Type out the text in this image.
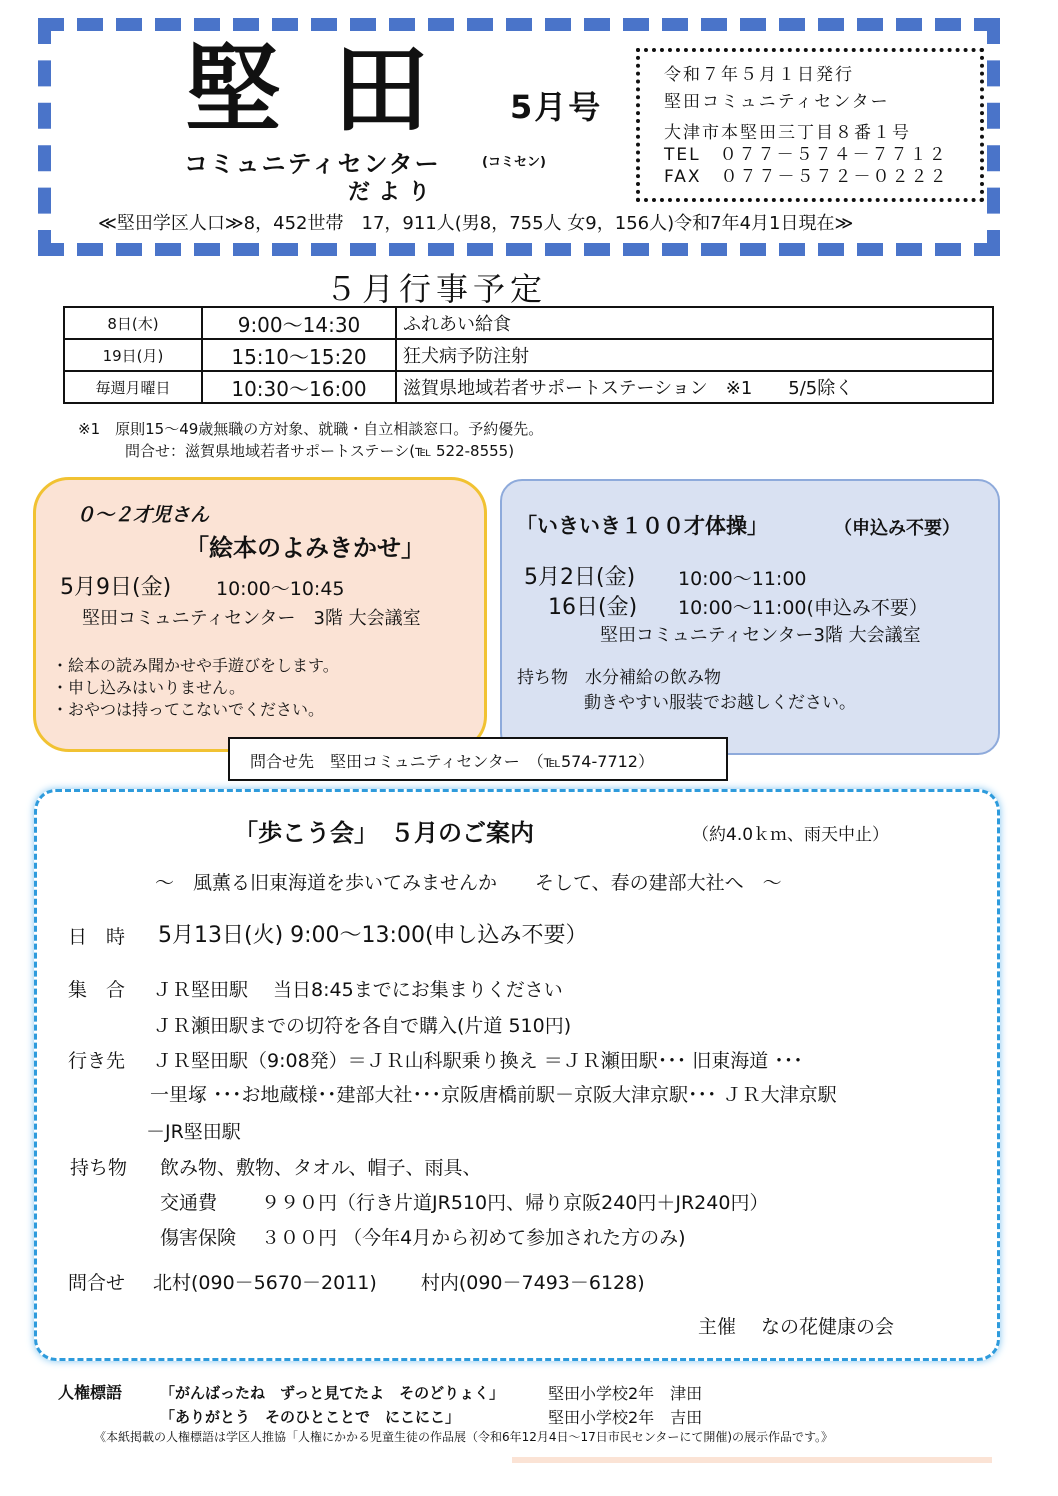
堅田 5月号
コミュニティセンター	(コミセン)
だより
≪堅田学区人口≫8，452世帯　17，911人(男8，755人 女9，156人)令和7年4月1日現在≫
令和７年５月１日発行
堅田コミュニティセンター
大津市本堅田三丁目８番１号
TEL　０７７－５７４－７７１２
FAX　０７７－５７２－０２２２
５月行事予定
8日(木)	9:00～14:30	ふれあい給食
19日(月)	15:10～15:20	狂犬病予防注射
毎週月曜日	10:30～16:00	滋賀県地域若者サポートステーション　※1　　5/5除く
※1　原則15～49歳無職の方対象、就職・自立相談窓口。予約優先。
問合せ：滋賀県地域若者サポートステーシ(℡ 522-8555)
０～２才児さん
「絵本のよみきかせ」
5月9日(金) 10:00～10:45
堅田コミュニティセンター　3階 大会議室
・絵本の読み聞かせや手遊びをします。
・申し込みはいりません。
・おやつは持ってこないでください。
「いきいき１００才体操」	（申込み不要）
5月2日(金) 10:00～11:00
16日(金) 10:00～11:00(申込み不要）
堅田コミュニティセンター3階 大会議室
持ち物　水分補給の飲み物
動きやすい服装でお越しください。
問合せ先　堅田コミュニティセンター　（℡574-7712）
「歩こう会」　５月のご案内	（約4.0ｋｍ、雨天中止）
～　風薫る旧東海道を歩いてみませんか　　そして、春の建部大社へ　～
日　時 5月13日(火) 9:00～13:00(申し込み不要）
集　合 ＪＲ堅田駅　 当日8:45までにお集まりください
ＪＲ瀬田駅までの切符を各自で購入(片道 510円)
行き先 ＪＲ堅田駅（9:08発）＝ＪＲ山科駅乗り換え ＝ＪＲ瀬田駅･･･ 旧東海道 ･･･
一里塚 ･･･お地蔵様･･建部大社･･･京阪唐橋前駅－京阪大津京駅･･･ ＪＲ大津京駅
－JR堅田駅
持ち物 飲み物、敷物、タオル、帽子、雨具、
交通費　　 ９９０円（行き片道JR510円、帰り京阪240円＋JR240円）
傷害保険　 ３００円 （今年4月から初めて参加された方のみ)
問合せ 北村(090－5670－2011)　　 村内(090－7493－6128)
主催　 なの花健康の会
人権標語	「がんばったね　ずっと見てたよ　そのどりょく」	堅田小学校2年　津田
「ありがとう　そのひとことで　にこにこ」	堅田小学校2年　吉田
《本紙掲載の人権標語は学区人推協「人権にかかる児童生徒の作品展（令和6年12月4日～17日市民センターにて開催)の展示作品です。》
